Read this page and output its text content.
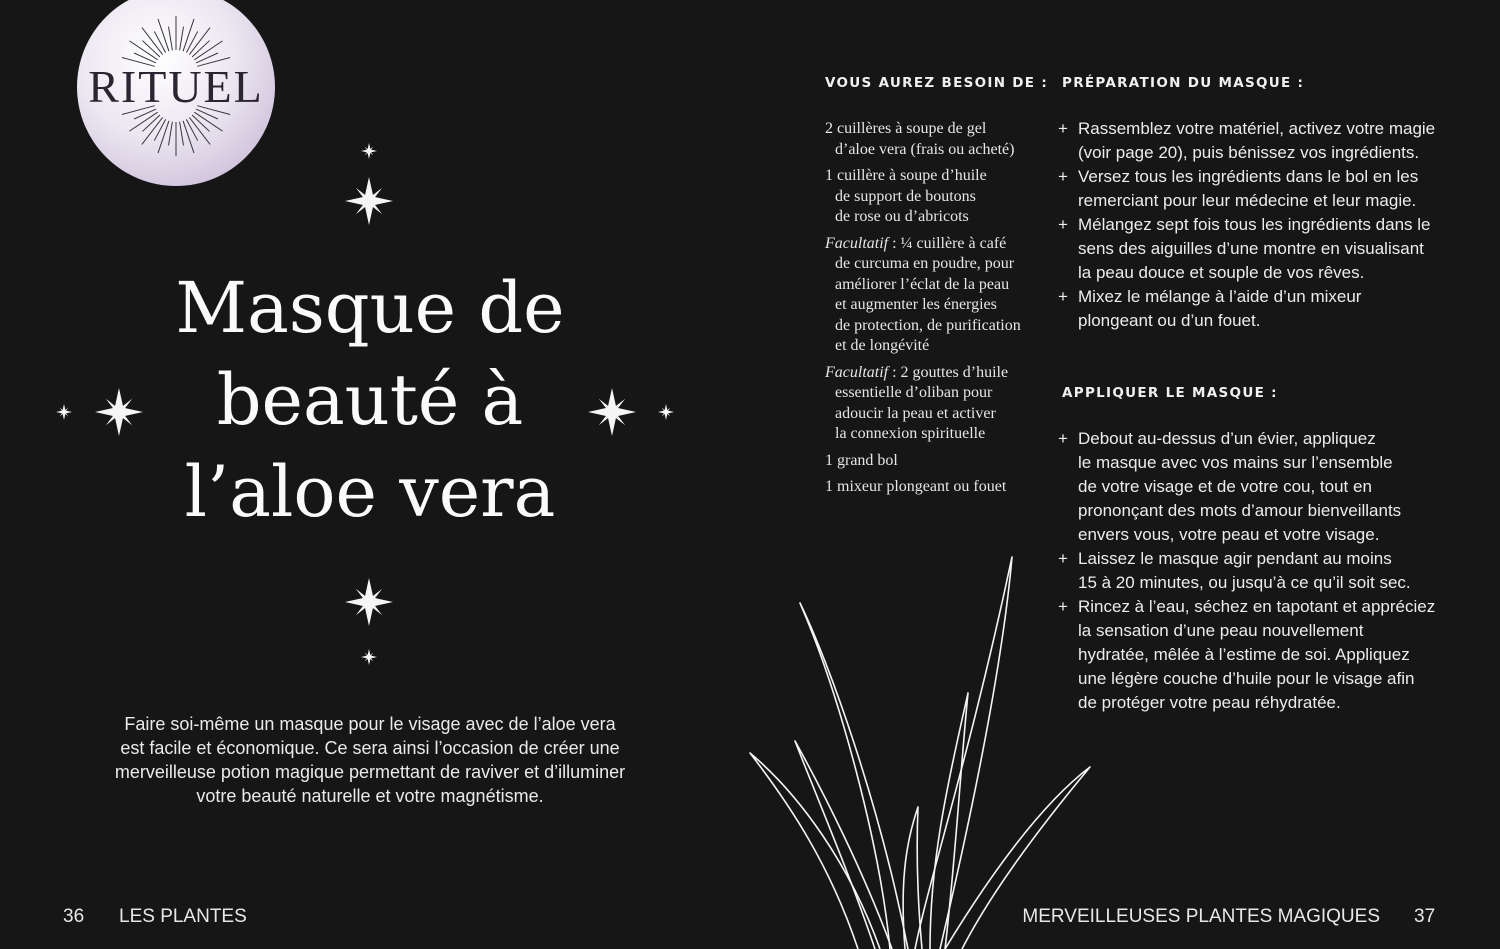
RITUEL
Masque de
beauté à
l’aloe vera
Faire soi-même un masque pour le visage avec de l’aloe vera
est facile et économique. Ce sera ainsi l’occasion de créer une
merveilleuse potion magique permettant de raviver et d’illuminer
votre beauté naturelle et votre magnétisme.
36 LES PLANTES	MERVEILLEUSES PLANTES MAGIQUES 37
VOUS AUREZ BESOIN DE :
2 cuillères à soupe de gel
d’aloe vera (frais ou acheté)
1 cuillère à soupe d’huile
de support de boutons
de rose ou d’abricots
Facultatif : ¼ cuillère à café
de curcuma en poudre, pour
améliorer l’éclat de la peau
et augmenter les énergies
de protection, de purification
et de longévité
Facultatif : 2 gouttes d’huile
essentielle d’oliban pour
adoucir la peau et activer
la connexion spirituelle
1 grand bol
1 mixeur plongeant ou fouet
PRÉPARATION DU MASQUE :
+ Rassemblez votre matériel, activez votre magie
(voir page 20), puis bénissez vos ingrédients.
+ Versez tous les ingrédients dans le bol en les
remerciant pour leur médecine et leur magie.
+ Mélangez sept fois tous les ingrédients dans le
sens des aiguilles d’une montre en visualisant
la peau douce et souple de vos rêves.
+ Mixez le mélange à l’aide d’un mixeur
plongeant ou d’un fouet.
APPLIQUER LE MASQUE :
+ Debout au-dessus d’un évier, appliquez
le masque avec vos mains sur l’ensemble
de votre visage et de votre cou, tout en
prononçant des mots d’amour bienveillants
envers vous, votre peau et votre visage.
+ Laissez le masque agir pendant au moins
15 à 20 minutes, ou jusqu’à ce qu’il soit sec.
+ Rincez à l’eau, séchez en tapotant et appréciez
la sensation d’une peau nouvellement
hydratée, mêlée à l’estime de soi. Appliquez
une légère couche d’huile pour le visage afin
de protéger votre peau réhydratée.
